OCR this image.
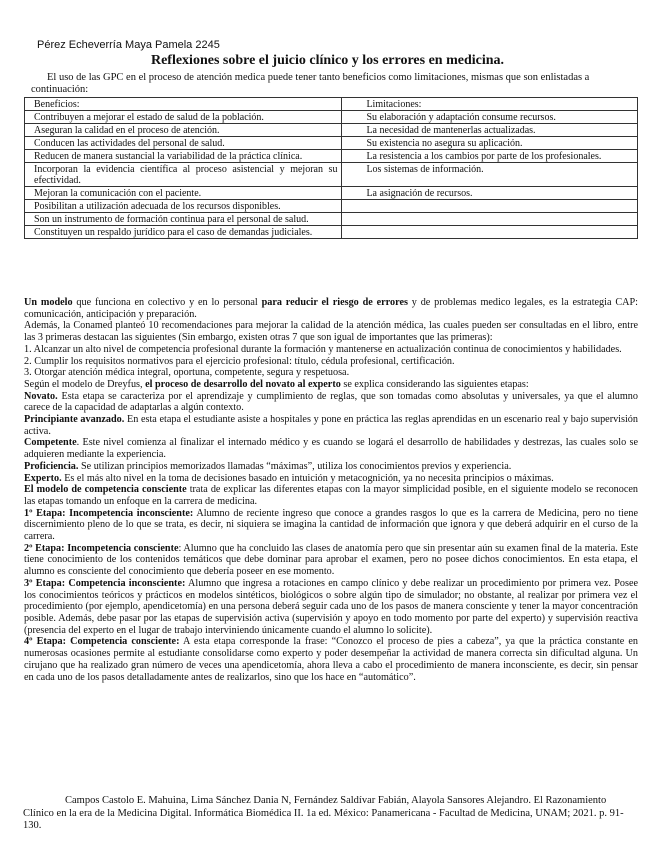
Pérez Echeverría Maya Pamela 2245
Reflexiones sobre el juicio clínico y los errores en medicina.
El uso de las GPC en el proceso de atención medica puede tener tanto beneficios como limitaciones, mismas que son enlistadas a continuación:
Beneficios:	Limitaciones:
Contribuyen a mejorar el estado de salud de la población.	Su elaboración y adaptación consume recursos.
Aseguran la calidad en el proceso de atención.	La necesidad de mantenerlas actualizadas.
Conducen las actividades del personal de salud.	Su existencia no asegura su aplicación.
Reducen de manera sustancial la variabilidad de la práctica clínica.	La resistencia a los cambios por parte de los profesionales.
Incorporan la evidencia científica al proceso asistencial y mejoran su efectividad.	Los sistemas de información.
Mejoran la comunicación con el paciente.	La asignación de recursos.
Posibilitan a utilización adecuada de los recursos disponibles.	
Son un instrumento de formación continua para el personal de salud.	
Constituyen un respaldo jurídico para el caso de demandas judiciales.	

Un modelo que funciona en colectivo y en lo personal para reducir el riesgo de errores y de problemas medico legales, es la estrategia CAP: comunicación, anticipación y preparación.

Además, la Conamed planteó 10 recomendaciones para mejorar la calidad de la atención médica, las cuales pueden ser consultadas en el libro, entre las 3 primeras destacan las siguientes (Sin embargo, existen otras 7 que son igual de importantes que las primeras):

1. Alcanzar un alto nivel de competencia profesional durante la formación y mantenerse en actualización continua de conocimientos y habilidades.

2. Cumplir los requisitos normativos para el ejercicio profesional: título, cédula profesional, certificación.

3. Otorgar atención médica integral, oportuna, competente, segura y respetuosa.

Según el modelo de Dreyfus, el proceso de desarrollo del novato al experto se explica considerando las siguientes etapas:

Novato. Esta etapa se caracteriza por el aprendizaje y cumplimiento de reglas, que son tomadas como absolutas y universales, ya que el alumno carece de la capacidad de adaptarlas a algún contexto.

Principiante avanzado. En esta etapa el estudiante asiste a hospitales y pone en práctica las reglas aprendidas en un escenario real y bajo supervisión activa.

Competente. Este nivel comienza al finalizar el internado médico y es cuando se logará el desarrollo de habilidades y destrezas, las cuales solo se adquieren mediante la experiencia.

Proficiencia. Se utilizan principios memorizados llamadas “máximas”, utiliza los conocimientos previos y experiencia.

Experto. Es el más alto nivel en la toma de decisiones basado en intuición y metacognición, ya no necesita principios o máximas.

El modelo de competencia consciente trata de explicar las diferentes etapas con la mayor simplicidad posible, en el siguiente modelo se reconocen las etapas tomando un enfoque en la carrera de medicina.

1º Etapa: Incompetencia inconsciente: Alumno de reciente ingreso que conoce a grandes rasgos lo que es la carrera de Medicina, pero no tiene discernimiento pleno de lo que se trata, es decir, ni siquiera se imagina la cantidad de información que ignora y que deberá adquirir en el curso de la carrera.

2º Etapa: Incompetencia consciente: Alumno que ha concluido las clases de anatomía pero que sin presentar aún su examen final de la materia. Este tiene conocimiento de los contenidos temáticos que debe dominar para aprobar el examen, pero no posee dichos conocimientos. En esta etapa, el alumno es consciente del conocimiento que debería poseer en ese momento.

3º Etapa: Competencia inconsciente: Alumno que ingresa a rotaciones en campo clínico y debe realizar un procedimiento por primera vez. Posee los conocimientos teóricos y prácticos en modelos sintéticos, biológicos o sobre algún tipo de simulador; no obstante, al realizar por primera vez el procedimiento (por ejemplo, apendicetomía) en una persona deberá seguir cada uno de los pasos de manera consciente y tener la mayor concentración posible. Además, debe pasar por las etapas de supervisión activa (supervisión y apoyo en todo momento por parte del experto) y supervisión reactiva (presencia del experto en el lugar de trabajo interviniendo únicamente cuando el alumno lo solicite).

4º Etapa: Competencia consciente: A esta etapa corresponde la frase: “Conozco el proceso de pies a cabeza”, ya que la práctica constante en numerosas ocasiones permite al estudiante consolidarse como experto y poder desempeñar la actividad de manera correcta sin dificultad alguna. Un cirujano que ha realizado gran número de veces una apendicetomía, ahora lleva a cabo el procedimiento de manera inconsciente, es decir, sin pensar en cada uno de los pasos detalladamente antes de realizarlos, sino que los hace en “automático”.

Campos Castolo E. Mahuina, Lima Sánchez Dania N, Fernández Saldívar Fabián, Alayola Sansores Alejandro. El Razonamiento Clínico en la era de la Medicina Digital. Informática Biomédica II. 1a ed. México: Panamericana - Facultad de Medicina, UNAM; 2021. p. 91-130.
